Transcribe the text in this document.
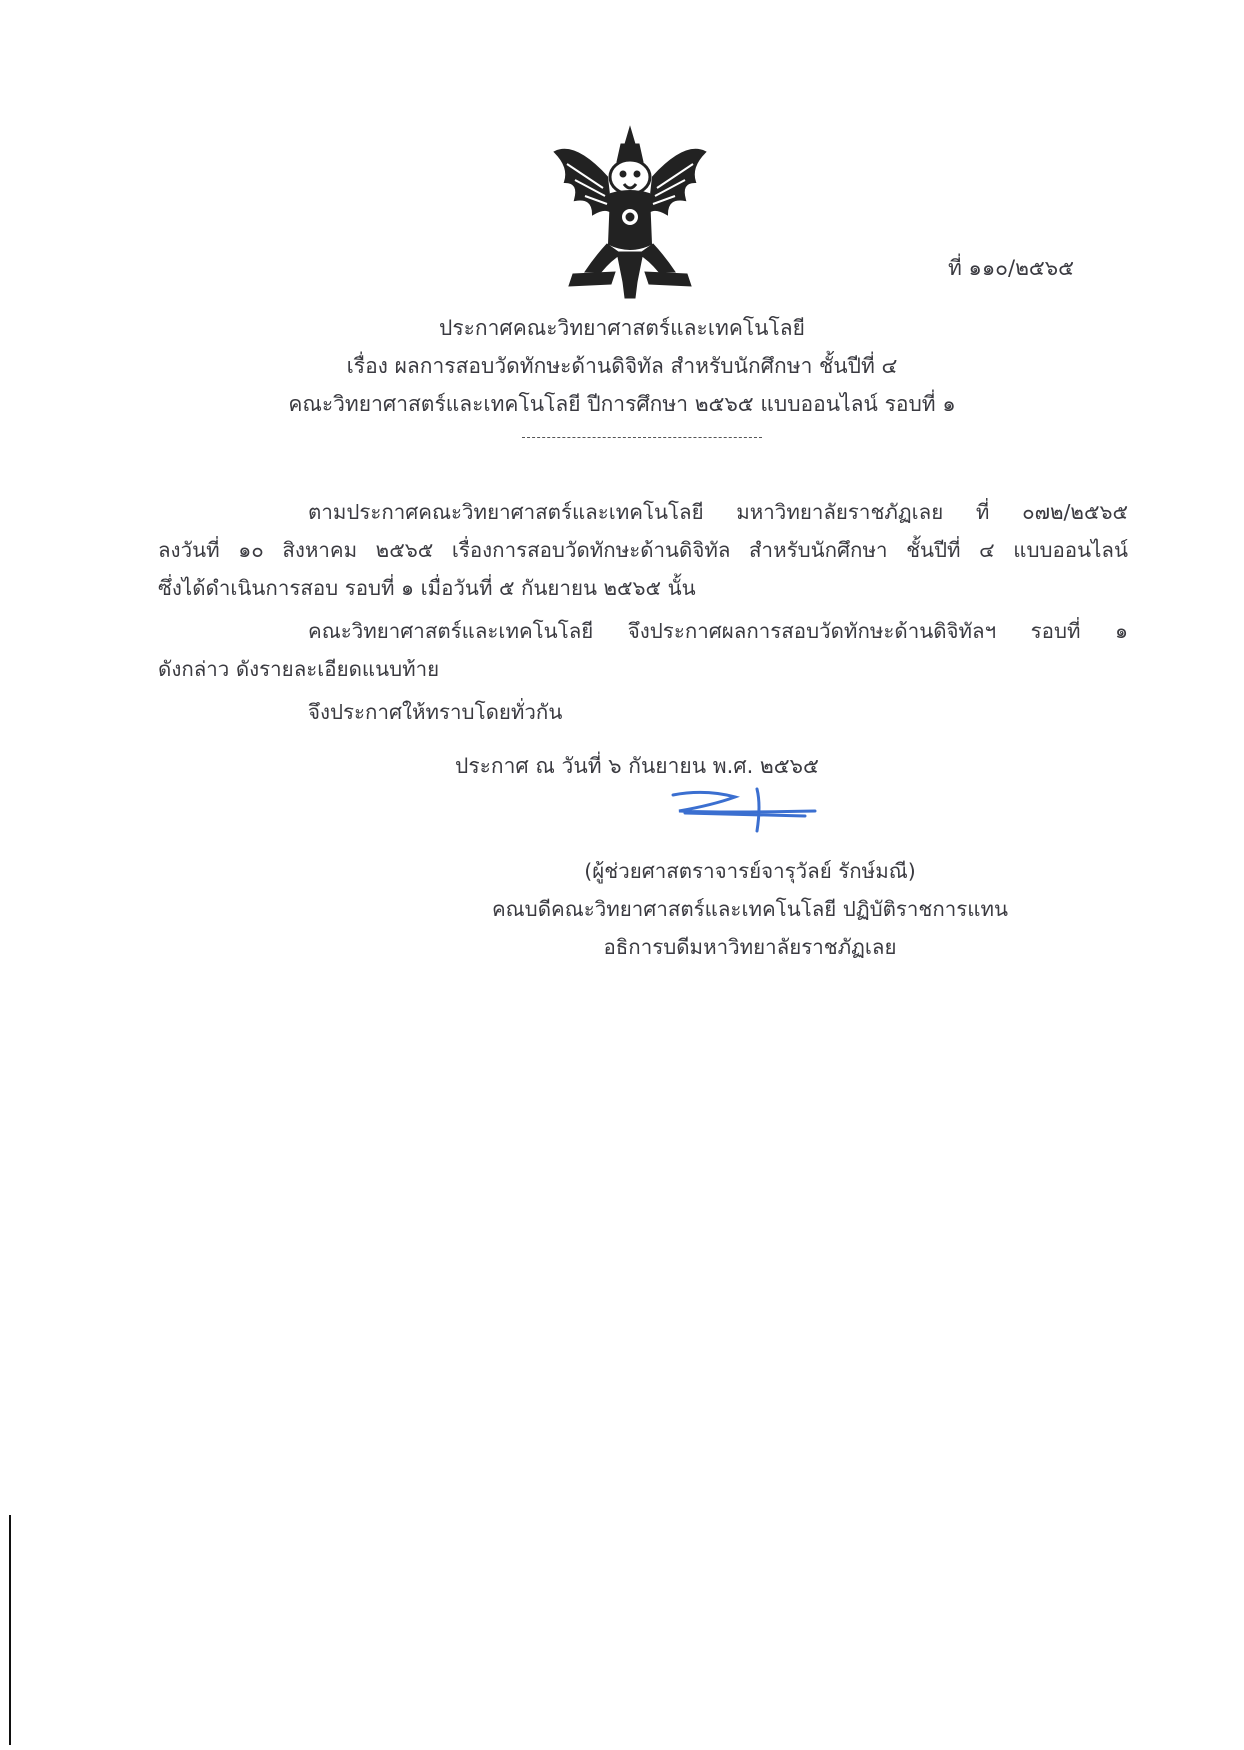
ที่ ๑๑๐/๒๕๖๕
ประกาศคณะวิทยาศาสตร์และเทคโนโลยี
เรื่อง ผลการสอบวัดทักษะด้านดิจิทัล สำหรับนักศึกษา ชั้นปีที่ ๔
คณะวิทยาศาสตร์และเทคโนโลยี ปีการศึกษา ๒๕๖๕ แบบออนไลน์ รอบที่ ๑
ตามประกาศคณะวิทยาศาสตร์และเทคโนโลยี มหาวิทยาลัยราชภัฏเลย ที่ ๐๗๒/๒๕๖๕
ลงวันที่ ๑๐ สิงหาคม ๒๕๖๕ เรื่องการสอบวัดทักษะด้านดิจิทัล สำหรับนักศึกษา ชั้นปีที่ ๔ แบบออนไลน์
ซึ่งได้ดำเนินการสอบ รอบที่ ๑ เมื่อวันที่ ๕ กันยายน ๒๕๖๕ นั้น
คณะวิทยาศาสตร์และเทคโนโลยี จึงประกาศผลการสอบวัดทักษะด้านดิจิทัลฯ รอบที่ ๑
ดังกล่าว ดังรายละเอียดแนบท้าย
จึงประกาศให้ทราบโดยทั่วกัน
ประกาศ ณ วันที่ ๖ กันยายน พ.ศ. ๒๕๖๕
(ผู้ช่วยศาสตราจารย์จารุวัลย์ รักษ์มณี)
คณบดีคณะวิทยาศาสตร์และเทคโนโลยี ปฏิบัติราชการแทน
อธิการบดีมหาวิทยาลัยราชภัฏเลย
